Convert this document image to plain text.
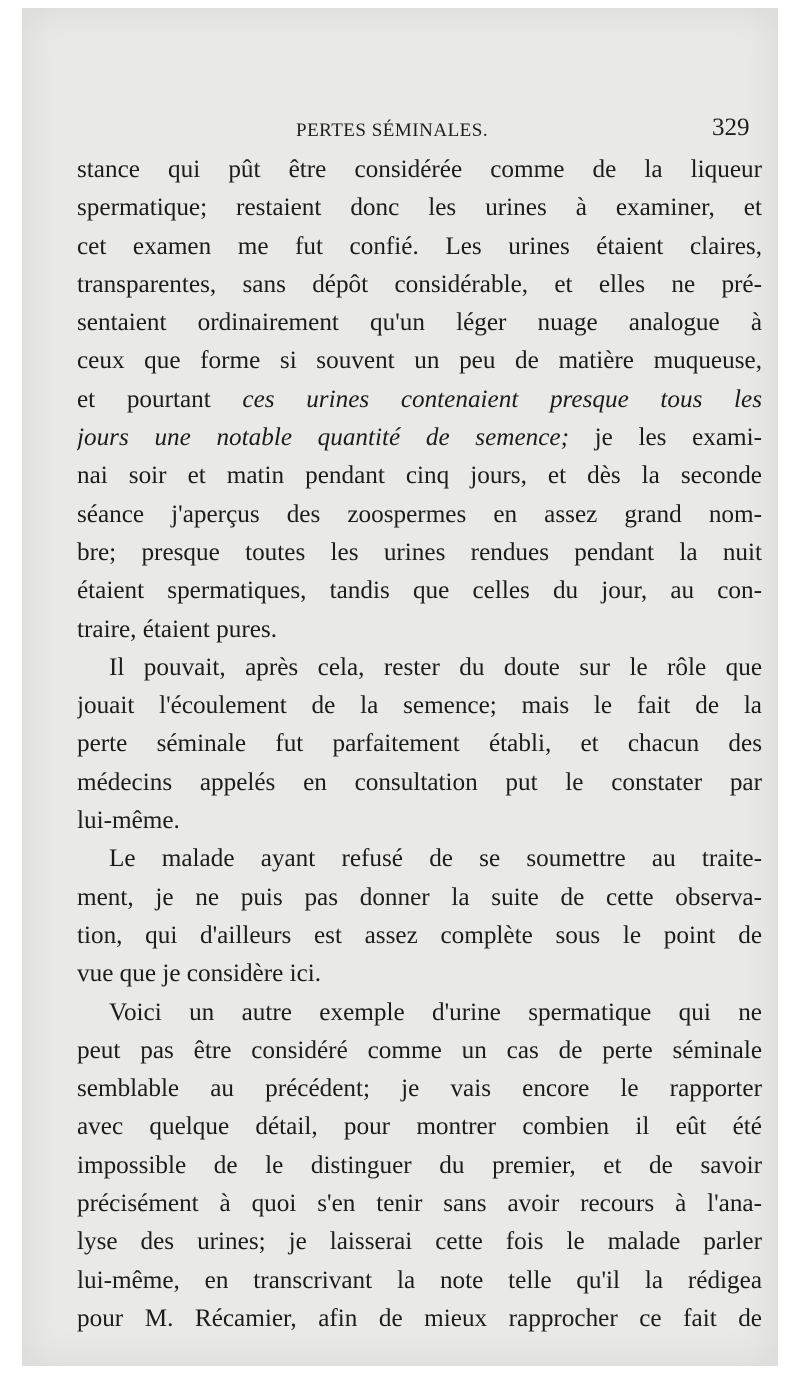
PERTES SÉMINALES.	329
stance qui pût être considérée comme de la liqueur
spermatique; restaient donc les urines à examiner, et
cet examen me fut confié. Les urines étaient claires,
transparentes, sans dépôt considérable, et elles ne pré-
sentaient ordinairement qu'un léger nuage analogue à
ceux que forme si souvent un peu de matière muqueuse,
et pourtant ces urines contenaient presque tous les
jours une notable quantité de semence; je les exami-
nai soir et matin pendant cinq jours, et dès la seconde
séance j'aperçus des zoospermes en assez grand nom-
bre; presque toutes les urines rendues pendant la nuit
étaient spermatiques, tandis que celles du jour, au con-
traire, étaient pures.
Il pouvait, après cela, rester du doute sur le rôle que
jouait l'écoulement de la semence; mais le fait de la
perte séminale fut parfaitement établi, et chacun des
médecins appelés en consultation put le constater par
lui-même.
Le malade ayant refusé de se soumettre au traite-
ment, je ne puis pas donner la suite de cette observa-
tion, qui d'ailleurs est assez complète sous le point de
vue que je considère ici.
Voici un autre exemple d'urine spermatique qui ne
peut pas être considéré comme un cas de perte séminale
semblable au précédent; je vais encore le rapporter
avec quelque détail, pour montrer combien il eût été
impossible de le distinguer du premier, et de savoir
précisément à quoi s'en tenir sans avoir recours à l'ana-
lyse des urines; je laisserai cette fois le malade parler
lui-même, en transcrivant la note telle qu'il la rédigea
pour M. Récamier, afin de mieux rapprocher ce fait de
